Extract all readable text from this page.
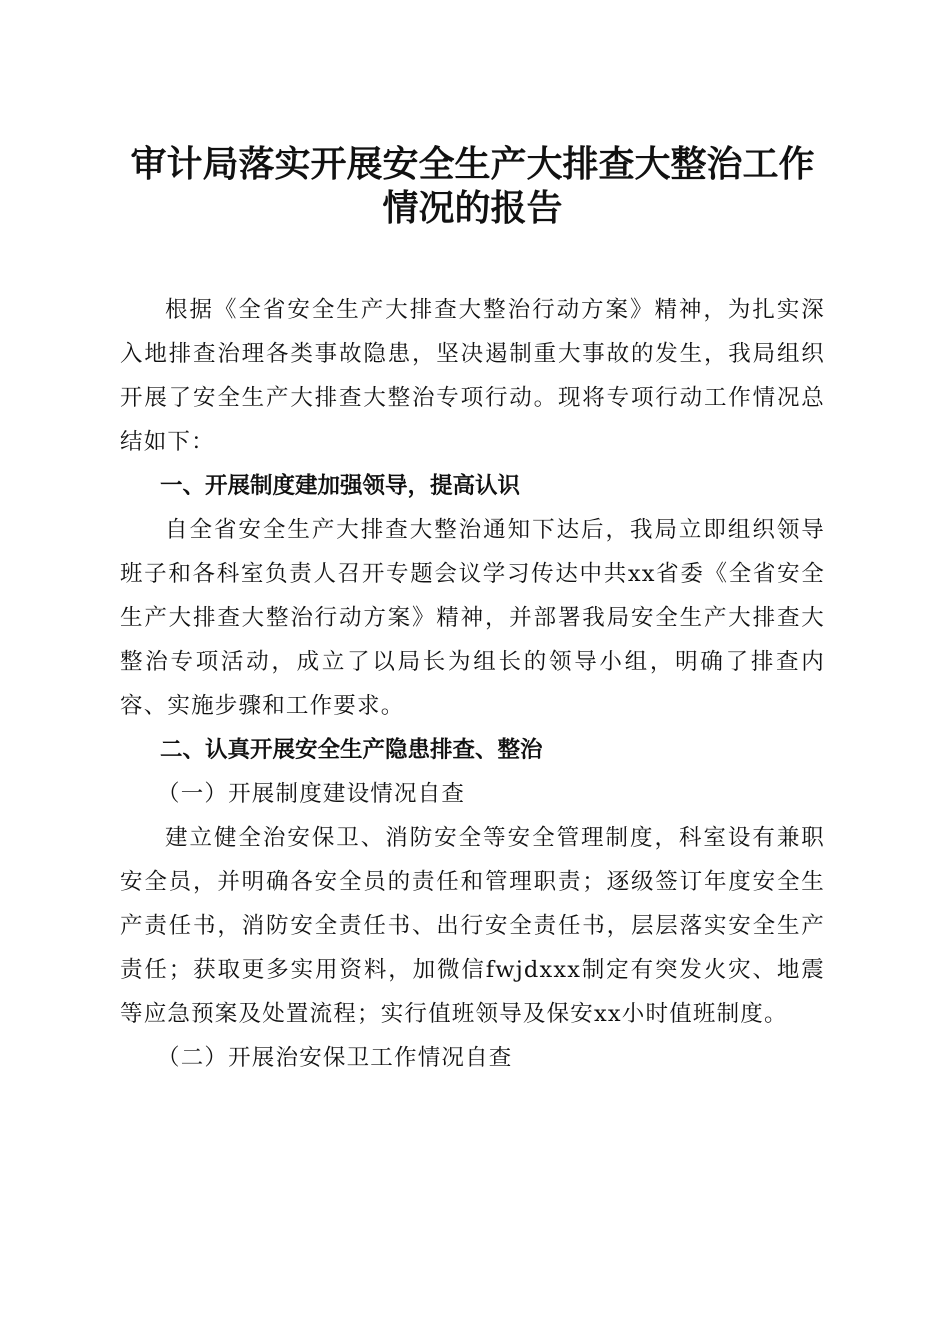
审计局落实开展安全生产大排查大整治工作情况的报告

根据《全省安全生产大排查大整治行动方案》精神，为扎实深入地排查治理各类事故隐患，坚决遏制重大事故的发生，我局组织开展了安全生产大排查大整治专项行动。现将专项行动工作情况总结如下：

一、开展制度建加强领导，提高认识

自全省安全生产大排查大整治通知下达后，我局立即组织领导班子和各科室负责人召开专题会议学习传达中共xx省委《全省安全生产大排查大整治行动方案》精神，并部署我局安全生产大排查大整治专项活动，成立了以局长为组长的领导小组，明确了排查内容、实施步骤和工作要求。

二、认真开展安全生产隐患排查、整治

（一）开展制度建设情况自查

建立健全治安保卫、消防安全等安全管理制度，科室设有兼职安全员，并明确各安全员的责任和管理职责；逐级签订年度安全生产责任书，消防安全责任书、出行安全责任书，层层落实安全生产责任；获取更多实用资料，加微信fwjdxxx制定有突发火灾、地震等应急预案及处置流程；实行值班领导及保安xx小时值班制度。

（二）开展治安保卫工作情况自查
